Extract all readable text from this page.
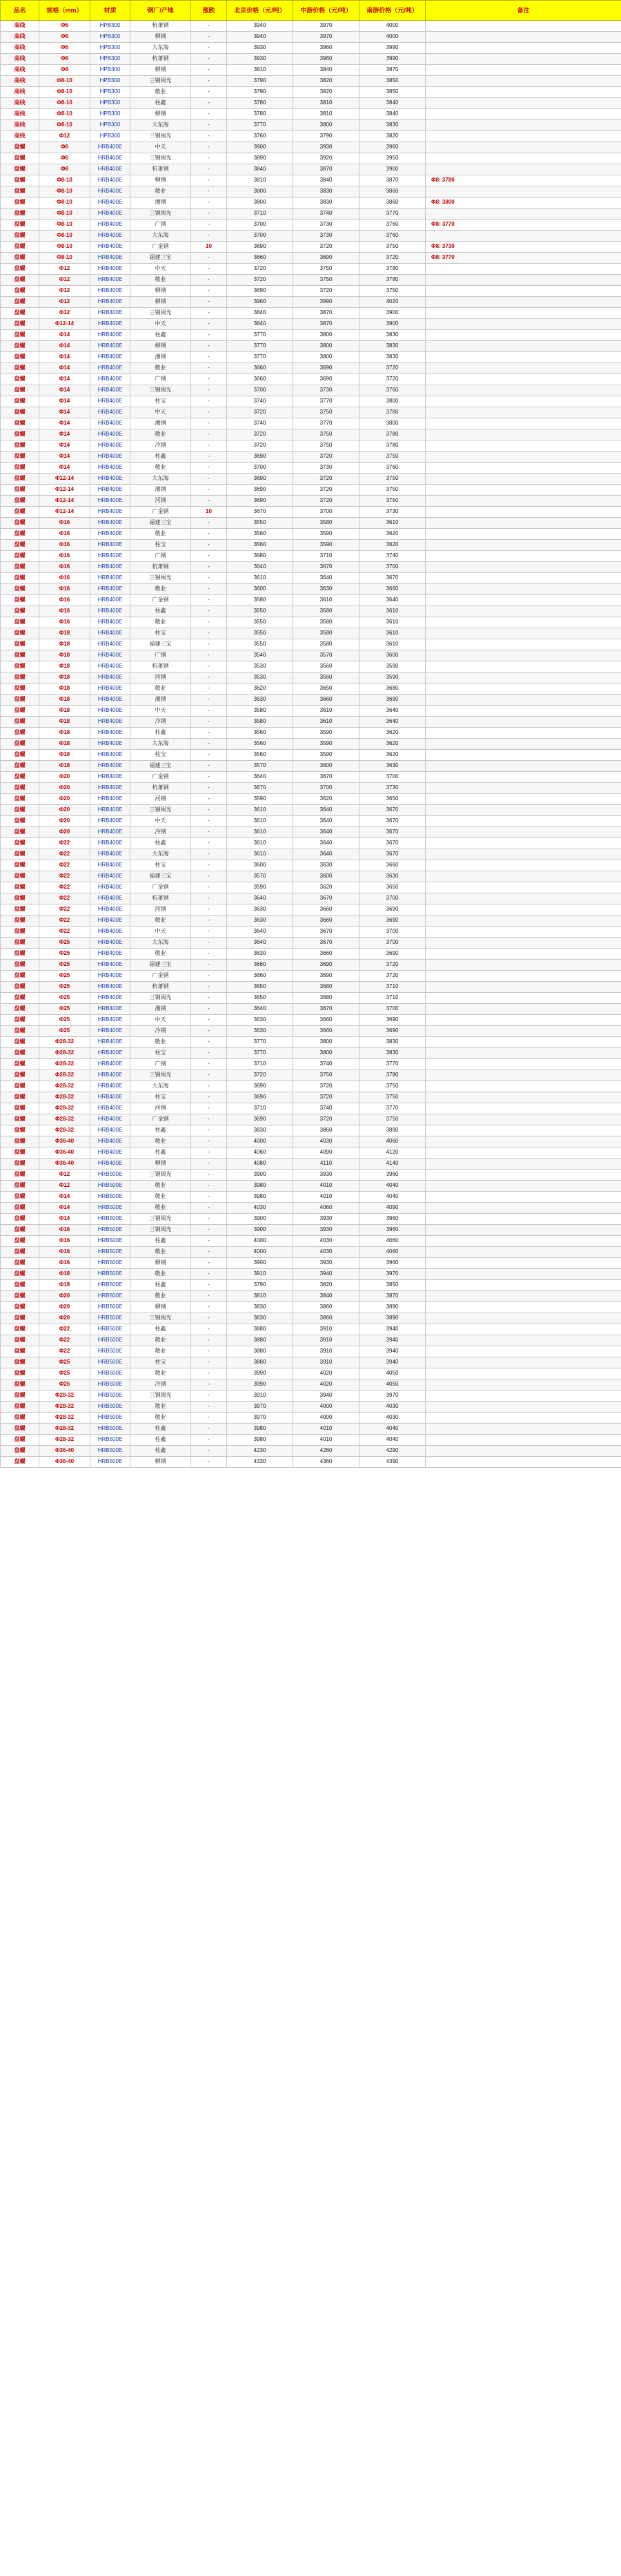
品名	规格（mm）	材质	钢厂/产地	涨跌	北京价格（元/吨）	中游价格（元/吨）	南游价格（元/吨）	备注
高线	Φ6	HPB300	杭萧钢	-	3940	3970	4000	
高线	Φ6	HPB300	柳钢	-	3940	3970	4000	
高线	Φ6	HPB300	大东海	-	3930	3960	3990	
高线	Φ6	HPB300	杭萧钢	-	3930	3960	3990	
高线	Φ8	HPB300	柳钢	-	3810	3840	3870	
高线	Φ8-10	HPB300	三钢闽光	-	3790	3820	3850	
高线	Φ8-10	HPB300	敬业	-	3790	3820	3850	
高线	Φ8-10	HPB300	柱鑫	-	3780	3810	3840	
高线	Φ8-10	HPB300	柳钢	-	3780	3810	3840	
高线	Φ8-10	HPB300	大东海	-	3770	3800	3830	
高线	Φ12	HPB300	三钢闽光	-	3760	3790	3820	
盘螺	Φ6	HRB400E	中天	-	3900	3930	3960	
盘螺	Φ6	HRB400E	三钢闽光	-	3890	3920	3950	
盘螺	Φ8	HRB400E	杭萧钢	-	3840	3870	3900	
盘螺	Φ8-10	HRB400E	柳钢	-	3810	3840	3870	Φ8: 3780
盘螺	Φ8-10	HRB400E	敬业	-	3800	3830	3860	
盘螺	Φ8-10	HRB400E	湘钢	-	3800	3830	3860	Φ8: 3800
盘螺	Φ8-10	HRB400E	三钢闽光	-	3710	3740	3770	
盘螺	Φ8-10	HRB400E	广钢	-	3700	3730	3760	Φ8: 3770
盘螺	Φ8-10	HRB400E	大东海	-	3700	3730	3760	
盘螺	Φ8-10	HRB400E	广金钢	10	3690	3720	3750	Φ8: 3730
盘螺	Φ8-10	HRB400E	福建三宝	-	3660	3690	3720	Φ8: 3770
盘螺	Φ12	HRB400E	中天	-	3720	3750	3780	
盘螺	Φ12	HRB400E	敬业	-	3720	3750	3780	
盘螺	Φ12	HRB400E	柳钢	-	3690	3720	3750	
盘螺	Φ12	HRB400E	柳钢	-	3960	3990	4020	
盘螺	Φ12	HRB400E	三钢闽光	-	3840	3870	3900	
盘螺	Φ12-14	HRB400E	中天	-	3840	3870	3900	
盘螺	Φ14	HRB400E	柱鑫	-	3770	3800	3830	
盘螺	Φ14	HRB400E	柳钢	-	3770	3800	3830	
盘螺	Φ14	HRB400E	湘钢	-	3770	3800	3830	
盘螺	Φ14	HRB400E	敬业	-	3660	3690	3720	
盘螺	Φ14	HRB400E	广钢	-	3660	3690	3720	
盘螺	Φ14	HRB400E	三钢闽光	-	3700	3730	3760	
盘螺	Φ14	HRB400E	柱宝	-	3740	3770	3800	
盘螺	Φ14	HRB400E	中天	-	3720	3750	3780	
盘螺	Φ14	HRB400E	湘钢	-	3740	3770	3800	
盘螺	Φ14	HRB400E	敬业	-	3720	3750	3780	
盘螺	Φ14	HRB400E	冷钢	-	3720	3750	3780	
盘螺	Φ14	HRB400E	柱鑫	-	3690	3720	3750	
盘螺	Φ14	HRB400E	敬业	-	3700	3730	3760	
盘螺	Φ12-14	HRB400E	大东海	-	3690	3720	3750	
盘螺	Φ12-14	HRB400E	湘钢	-	3690	3720	3750	
盘螺	Φ12-14	HRB400E	河钢	-	3690	3720	3750	
盘螺	Φ12-14	HRB400E	广金钢	10	3670	3700	3730	
盘螺	Φ16	HRB400E	福建三宝	-	3550	3580	3610	
盘螺	Φ16	HRB400E	敬业	-	3560	3590	3620	
盘螺	Φ16	HRB400E	柱宝	-	3560	3590	3620	
盘螺	Φ16	HRB400E	广钢	-	3680	3710	3740	
盘螺	Φ16	HRB400E	杭萧钢	-	3640	3670	3700	
盘螺	Φ16	HRB400E	三钢闽光	-	3610	3640	3670	
盘螺	Φ16	HRB400E	敬业	-	3600	3630	3660	
盘螺	Φ16	HRB400E	广金钢	-	3580	3610	3640	
盘螺	Φ16	HRB400E	柱鑫	-	3550	3580	3610	
盘螺	Φ16	HRB400E	敬业	-	3550	3580	3610	
盘螺	Φ18	HRB400E	柱宝	-	3550	3580	3610	
盘螺	Φ18	HRB400E	福建三宝	-	3550	3580	3610	
盘螺	Φ18	HRB400E	广钢	-	3540	3570	3600	
盘螺	Φ18	HRB400E	杭萧钢	-	3530	3560	3590	
盘螺	Φ18	HRB400E	河钢	-	3530	3560	3590	
盘螺	Φ18	HRB400E	敬业	-	3620	3650	3680	
盘螺	Φ18	HRB400E	湘钢	-	3630	3660	3690	
盘螺	Φ18	HRB400E	中天	-	3580	3610	3640	
盘螺	Φ18	HRB400E	冷钢	-	3580	3610	3640	
盘螺	Φ18	HRB400E	柱鑫	-	3560	3590	3620	
盘螺	Φ18	HRB400E	大东海	-	3560	3590	3620	
盘螺	Φ18	HRB400E	柱宝	-	3560	3590	3620	
盘螺	Φ18	HRB400E	福建三宝	-	3570	3600	3630	
盘螺	Φ20	HRB400E	广金钢	-	3640	3670	3700	
盘螺	Φ20	HRB400E	杭萧钢	-	3670	3700	3730	
盘螺	Φ20	HRB400E	河钢	-	3590	3620	3650	
盘螺	Φ20	HRB400E	三钢闽光	-	3610	3640	3670	
盘螺	Φ20	HRB400E	中天	-	3610	3640	3670	
盘螺	Φ20	HRB400E	冷钢	-	3610	3640	3670	
盘螺	Φ22	HRB400E	柱鑫	-	3610	3640	3670	
盘螺	Φ22	HRB400E	大东海	-	3610	3640	3670	
盘螺	Φ22	HRB400E	柱宝	-	3600	3630	3660	
盘螺	Φ22	HRB400E	福建三宝	-	3570	3600	3630	
盘螺	Φ22	HRB400E	广金钢	-	3590	3620	3650	
盘螺	Φ22	HRB400E	杭萧钢	-	3640	3670	3700	
盘螺	Φ22	HRB400E	河钢	-	3630	3660	3690	
盘螺	Φ22	HRB400E	敬业	-	3630	3660	3690	
盘螺	Φ22	HRB400E	中天	-	3640	3670	3700	
盘螺	Φ25	HRB400E	大东海	-	3640	3670	3700	
盘螺	Φ25	HRB400E	敬业	-	3630	3660	3690	
盘螺	Φ25	HRB400E	福建三宝	-	3660	3690	3720	
盘螺	Φ25	HRB400E	广金钢	-	3660	3690	3720	
盘螺	Φ25	HRB400E	杭萧钢	-	3650	3680	3710	
盘螺	Φ25	HRB400E	三钢闽光	-	3650	3680	3710	
盘螺	Φ25	HRB400E	湘钢	-	3640	3670	3700	
盘螺	Φ25	HRB400E	中天	-	3630	3660	3690	
盘螺	Φ25	HRB400E	冷钢	-	3630	3660	3690	
盘螺	Φ28-32	HRB400E	敬业	-	3770	3800	3830	
盘螺	Φ28-32	HRB400E	柱宝	-	3770	3800	3830	
盘螺	Φ28-32	HRB400E	广钢	-	3710	3740	3770	
盘螺	Φ28-32	HRB400E	三钢闽光	-	3720	3750	3780	
盘螺	Φ28-32	HRB400E	大东海	-	3690	3720	3750	
盘螺	Φ28-32	HRB400E	柱宝	-	3690	3720	3750	
盘螺	Φ28-32	HRB400E	河钢	-	3710	3740	3770	
盘螺	Φ28-32	HRB400E	广金钢	-	3690	3720	3750	
盘螺	Φ28-32	HRB400E	柱鑫	-	3830	3860	3890	
盘螺	Φ36-40	HRB400E	敬业	-	4000	4030	4060	
盘螺	Φ36-40	HRB400E	柱鑫	-	4060	4090	4120	
盘螺	Φ36-40	HRB400E	柳钢	-	4080	4110	4140	
盘螺	Φ12	HRB500E	三钢闽光	-	3900	3930	3960	
盘螺	Φ12	HRB500E	敬业	-	3980	4010	4040	
盘螺	Φ14	HRB500E	敬业	-	3980	4010	4040	
盘螺	Φ14	HRB500E	敬业	-	4030	4060	4090	
盘螺	Φ14	HRB500E	三钢闽光	-	3900	3930	3960	
盘螺	Φ16	HRB500E	三钢闽光	-	3900	3930	3960	
盘螺	Φ16	HRB500E	柱鑫	-	4000	4030	4060	
盘螺	Φ16	HRB500E	敬业	-	4000	4030	4060	
盘螺	Φ16	HRB500E	柳钢	-	3900	3930	3960	
盘螺	Φ18	HRB500E	敬业	-	3910	3940	3970	
盘螺	Φ18	HRB500E	柱鑫	-	3790	3820	3850	
盘螺	Φ20	HRB500E	敬业	-	3810	3840	3870	
盘螺	Φ20	HRB500E	柳钢	-	3830	3860	3890	
盘螺	Φ20	HRB500E	三钢闽光	-	3830	3860	3890	
盘螺	Φ22	HRB500E	柱鑫	-	3880	3910	3940	
盘螺	Φ22	HRB500E	敬业	-	3880	3910	3940	
盘螺	Φ22	HRB500E	敬业	-	3880	3910	3940	
盘螺	Φ25	HRB500E	柱宝	-	3880	3910	3940	
盘螺	Φ25	HRB500E	敬业	-	3990	4020	4050	
盘螺	Φ25	HRB500E	冷钢	-	3990	4020	4050	
盘螺	Φ28-32	HRB500E	三钢闽光	-	3910	3940	3970	
盘螺	Φ28-32	HRB500E	敬业	-	3970	4000	4030	
盘螺	Φ28-32	HRB500E	敬业	-	3970	4000	4030	
盘螺	Φ28-32	HRB500E	柱鑫	-	3980	4010	4040	
盘螺	Φ28-32	HRB500E	柱鑫	-	3980	4010	4040	
盘螺	Φ36-40	HRB500E	柱鑫	-	4230	4260	4290	
盘螺	Φ36-40	HRB500E	柳钢	-	4330	4360	4390	
